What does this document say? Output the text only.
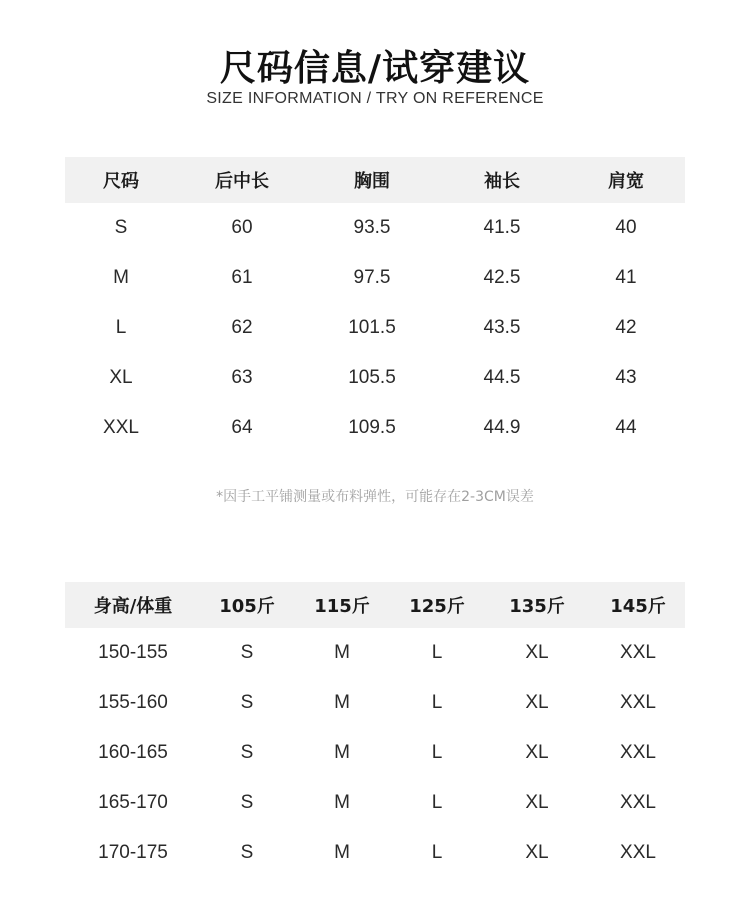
尺码信息/试穿建议
SIZE INFORMATION / TRY ON REFERENCE
尺码	后中长	胸围	袖长	肩宽
S	60	93.5	41.5	40
M	61	97.5	42.5	41
L	62	101.5	43.5	42
XL	63	105.5	44.5	43
XXL	64	109.5	44.9	44
*因手工平铺测量或布料弹性，可能存在2-3CM误差
身高/体重	105斤	115斤	125斤	135斤	145斤
150-155	S	M	L	XL	XXL
155-160	S	M	L	XL	XXL
160-165	S	M	L	XL	XXL
165-170	S	M	L	XL	XXL
170-175	S	M	L	XL	XXL
